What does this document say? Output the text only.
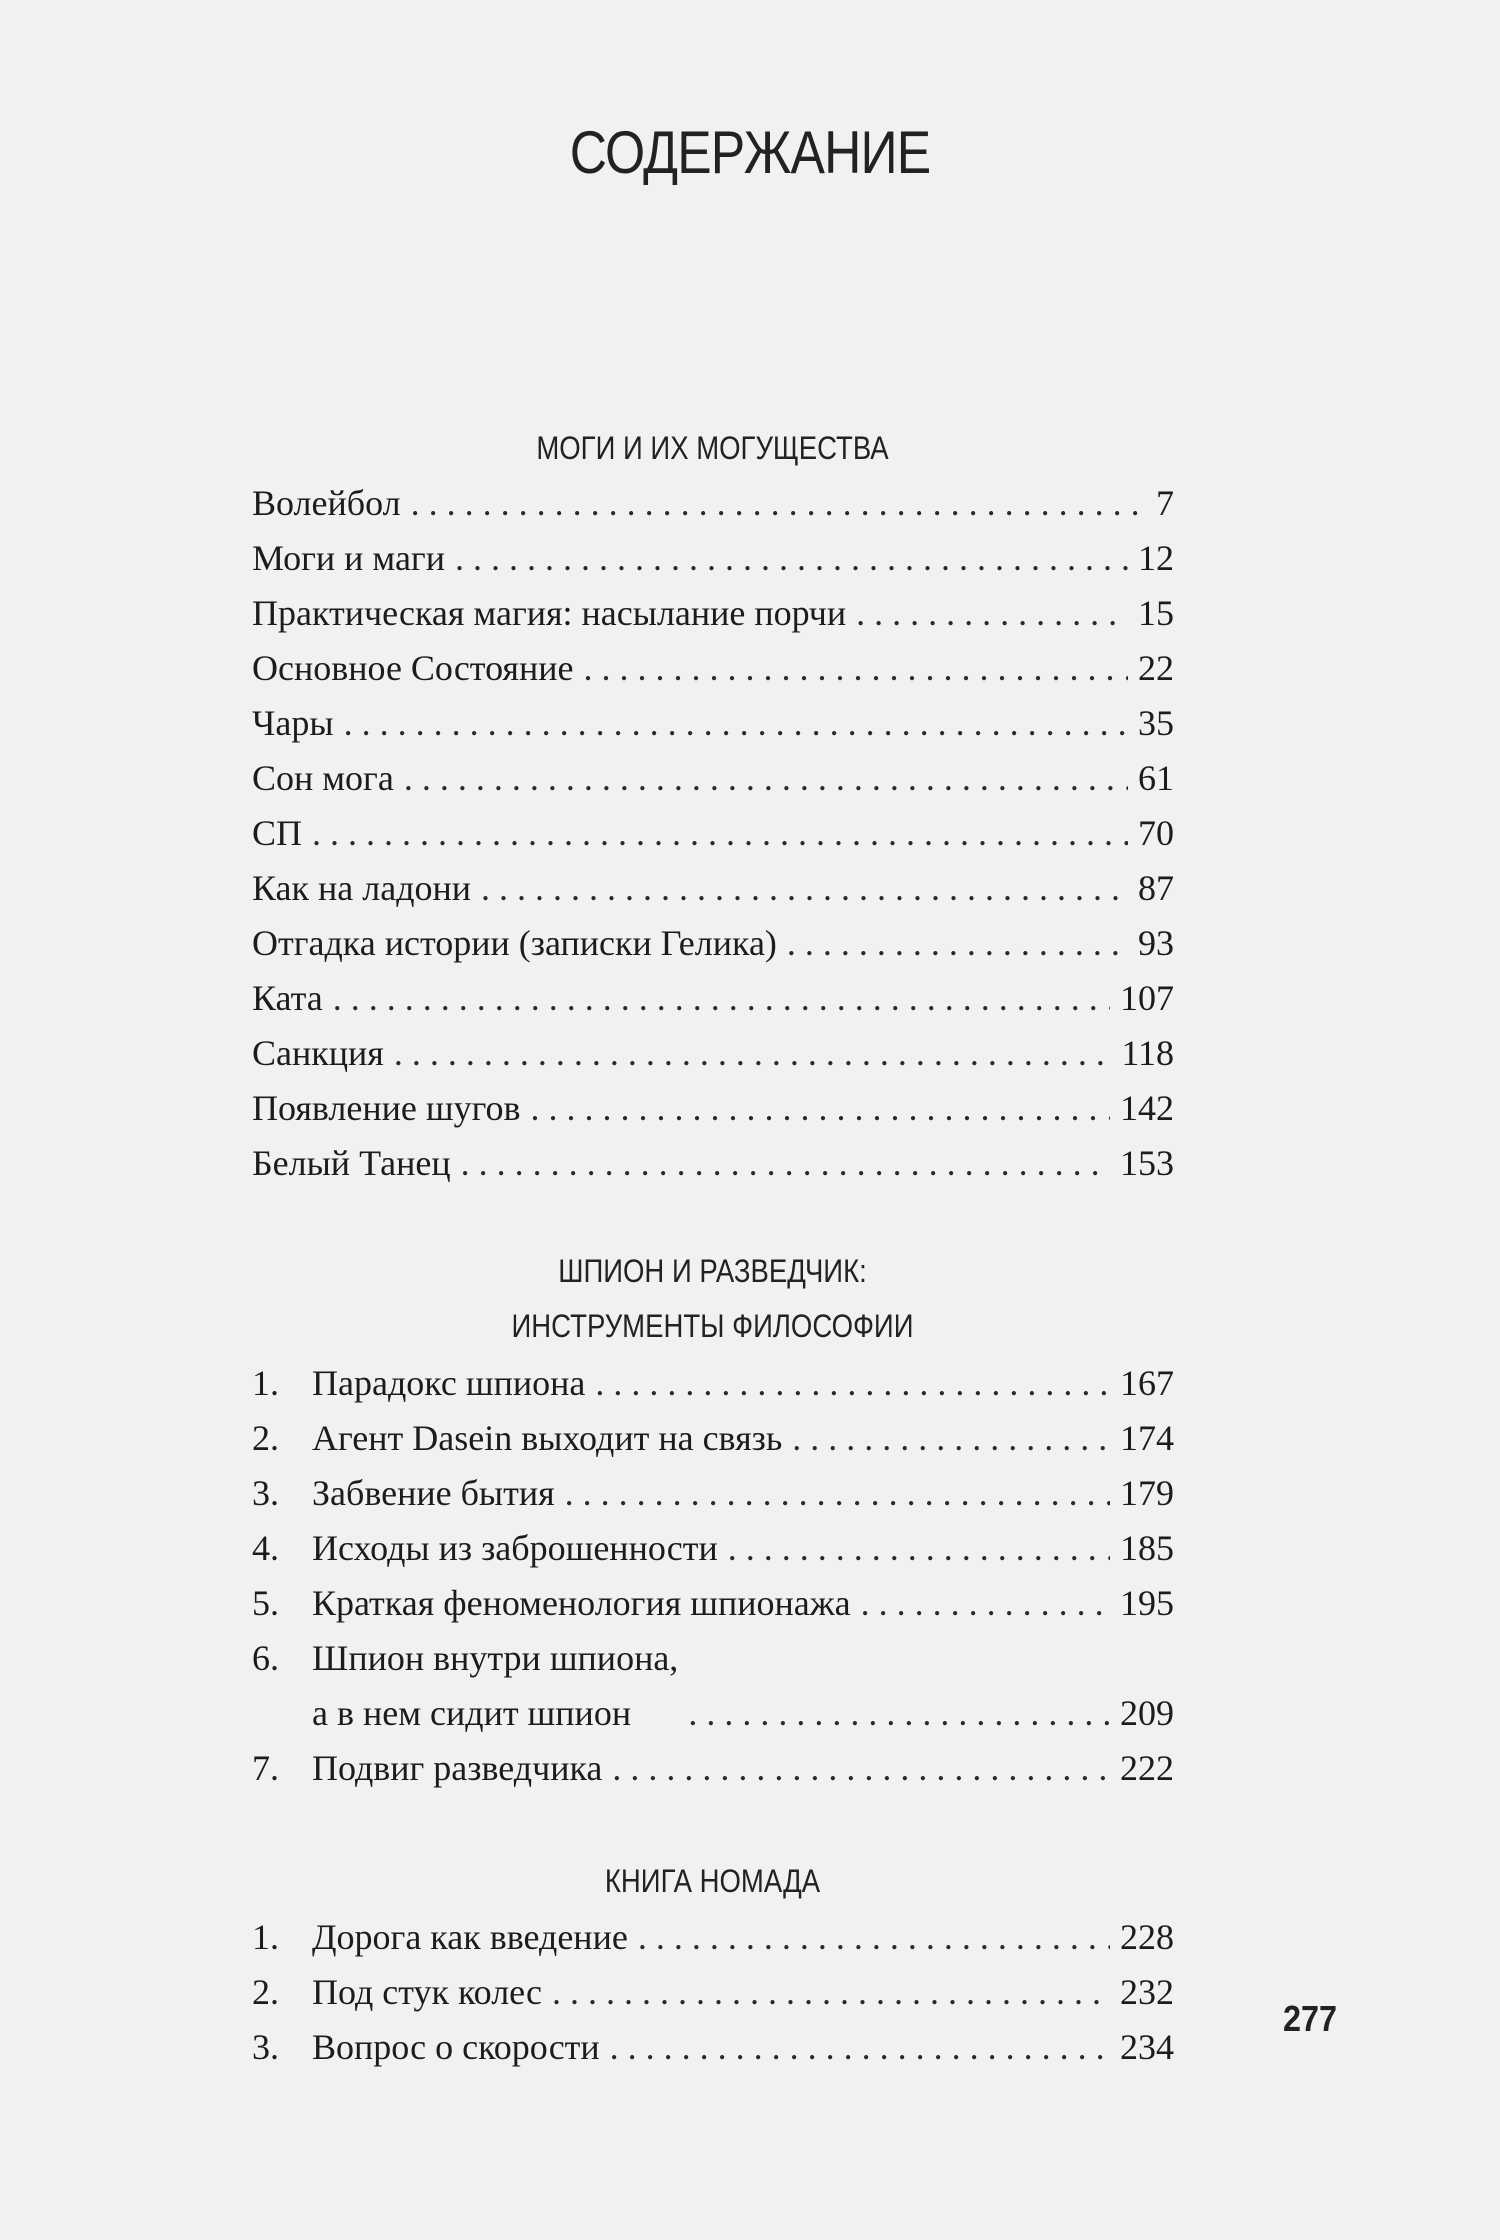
СОДЕРЖАНИЕ
МОГИ И ИХ МОГУЩЕСТВА
Волейбол . . .	7
Моги и маги . . .	12
Практическая магия: насылание порчи . . .	15
Основное Состояние . . .	22
Чары . . .	35
Сон мога . . .	61
СП . . .	70
Как на ладони . . .	87
Отгадка истории (записки Гелика) . . .	93
Ката . . .	107
Санкция . . .	118
Появление шугов . . .	142
Белый Танец . . .	153
ШПИОН И РАЗВЕДЧИК:
ИНСТРУМЕНТЫ ФИЛОСОФИИ
1. Парадокс шпиона . . .	167
2. Агент Dasein выходит на связь . . .	174
3. Забвение бытия . . .	179
4. Исходы из заброшенности . . .	185
5. Краткая феноменология шпионажа . . .	195
6. Шпион внутри шпиона,
а в нем сидит шпион . . .	209
7. Подвиг разведчика . . .	222
КНИГА НОМАДА
1. Дорога как введение . . .	228
2. Под стук колес . . .	232
3. Вопрос о скорости . . .	234
277
